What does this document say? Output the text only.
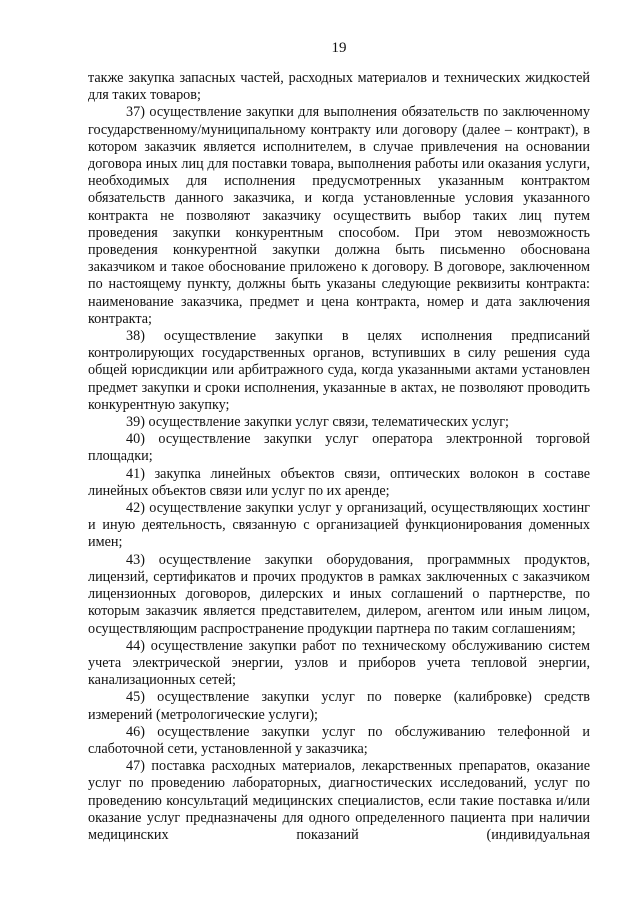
19

также закупка запасных частей, расходных материалов и технических жидкостей для таких товаров;

37) осуществление закупки для выполнения обязательств по заключенному государственному/муниципальному контракту или договору (далее – контракт), в котором заказчик является исполнителем, в случае привлечения на основании договора иных лиц для поставки товара, выполнения работы или оказания услуги, необходимых для исполнения предусмотренных указанным контрактом обязательств данного заказчика, и когда установленные условия указанного контракта не позволяют заказчику осуществить выбор таких лиц путем проведения закупки конкурентным способом. При этом невозможность проведения конкурентной закупки должна быть письменно обоснована заказчиком и такое обоснование приложено к договору. В договоре, заключенном по настоящему пункту, должны быть указаны следующие реквизиты контракта: наименование заказчика, предмет и цена контракта, номер и дата заключения контракта;

38) осуществление закупки в целях исполнения предписаний контролирующих государственных органов, вступивших в силу решения суда общей юрисдикции или арбитражного суда, когда указанными актами установлен предмет закупки и сроки исполнения, указанные в актах, не позволяют проводить конкурентную закупку;

39) осуществление закупки услуг связи, телематических услуг;

40) осуществление закупки услуг оператора электронной торговой площадки;

41) закупка линейных объектов связи, оптических волокон в составе линейных объектов связи или услуг по их аренде;

42) осуществление закупки услуг у организаций, осуществляющих хостинг и иную деятельность, связанную с организацией функционирования доменных имен;

43) осуществление закупки оборудования, программных продуктов, лицензий, сертификатов и прочих продуктов в рамках заключенных с заказчиком лицензионных договоров, дилерских и иных соглашений о партнерстве, по которым заказчик является представителем, дилером, агентом или иным лицом, осуществляющим распространение продукции партнера по таким соглашениям;

44) осуществление закупки работ по техническому обслуживанию систем учета электрической энергии, узлов и приборов учета тепловой энергии, канализационных сетей;

45) осуществление закупки услуг по поверке (калибровке) средств измерений (метрологические услуги);

46) осуществление закупки услуг по обслуживанию телефонной и слаботочной сети, установленной у заказчика;

47) поставка расходных материалов, лекарственных препаратов, оказание услуг по проведению лабораторных, диагностических исследований, услуг по проведению консультаций медицинских специалистов, если такие поставка и/или оказание услуг предназначены для одного определенного пациента при наличии медицинских показаний (индивидуальная
